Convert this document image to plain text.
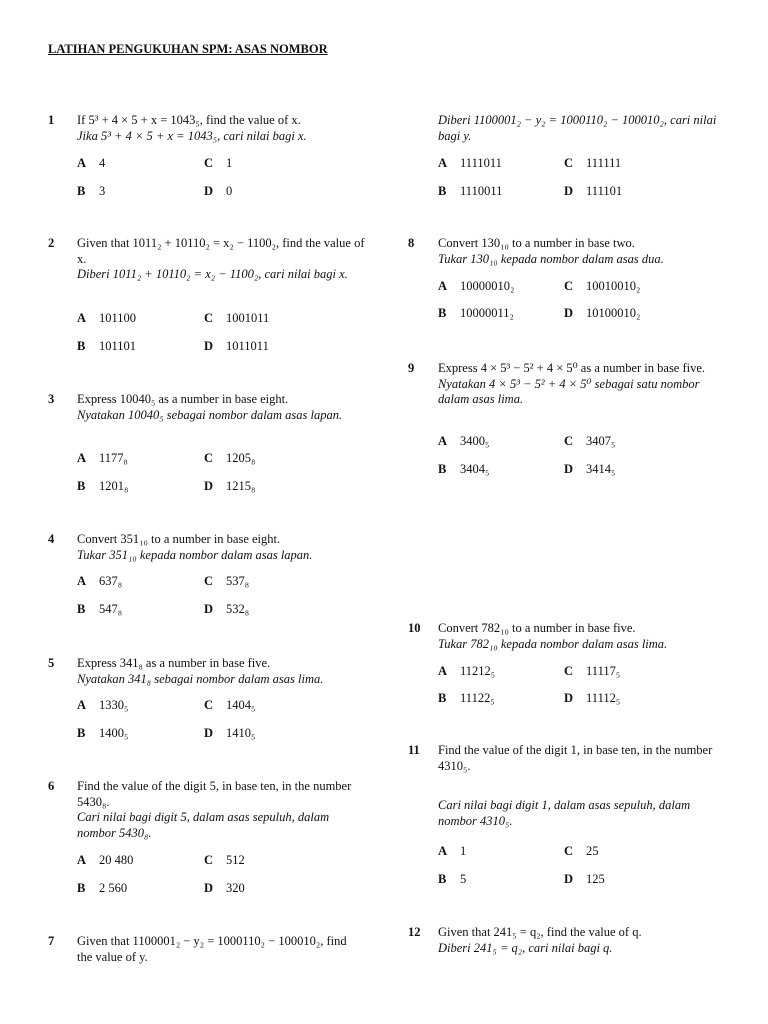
LATIHAN PENGUKUHAN SPM: ASAS NOMBOR
1 If 5³ + 4 × 5 + x = 1043₅, find the value of x.
Jika 5³ + 4 × 5 + x = 1043₅, cari nilai bagi x.
A 4
B 3
C 1
D 0
2 Given that 1011₂ + 10110₂ = x₂ − 1100₂, find the value of x.
Diberi 1011₂ + 10110₂ = x₂ − 1100₂, cari nilai bagi x.
A 101100
B 101101
C 1001011
D 1011011
3 Express 10040₅ as a number in base eight.
Nyatakan 10040₅ sebagai nombor dalam asas lapan.
A 1177₈
B 1201₈
C 1205₈
D 1215₈
4 Convert 351₁₀ to a number in base eight.
Tukar 351₁₀ kepada nombor dalam asas lapan.
A 637₈
B 547₈
C 537₈
D 532₈
5 Express 341₈ as a number in base five.
Nyatakan 341₈ sebagai nombor dalam asas lima.
A 1330₅
B 1400₅
C 1404₅
D 1410₅
6 Find the value of the digit 5, in base ten, in the number 5430₈.
Cari nilai bagi digit 5, dalam asas sepuluh, dalam nombor 5430₈.
A 20 480
B 2 560
C 512
D 320
7 Given that 1100001₂ − y₂ = 1000110₂ − 100010₂, find the value of y.
Diberi 1100001₂ − y₂ = 1000110₂ − 100010₂, cari nilai bagi y.
A 1111011
B 1110011
C 111111
D 111101
8 Convert 130₁₀ to a number in base two.
Tukar 130₁₀ kepada nombor dalam asas dua.
A 10000010₂
B 10000011₂
C 10010010₂
D 10100010₂
9 Express 4 × 5³ − 5² + 4 × 5⁰ as a number in base five.
Nyatakan 4 × 5³ − 5² + 4 × 5⁰ sebagai satu nombor dalam asas lima.
A 3400₅
B 3404₅
C 3407₅
D 3414₅
10 Convert 782₁₀ to a number in base five.
Tukar 782₁₀ kepada nombor dalam asas lima.
A 11212₅
B 11122₅
C 11117₅
D 11112₅
11 Find the value of the digit 1, in base ten, in the number 4310₅.
Cari nilai bagi digit 1, dalam asas sepuluh, dalam nombor 4310₅.
A 1
B 5
C 25
D 125
12 Given that 241₅ = q₂, find the value of q.
Diberi 241₅ = q₂, cari nilai bagi q.
